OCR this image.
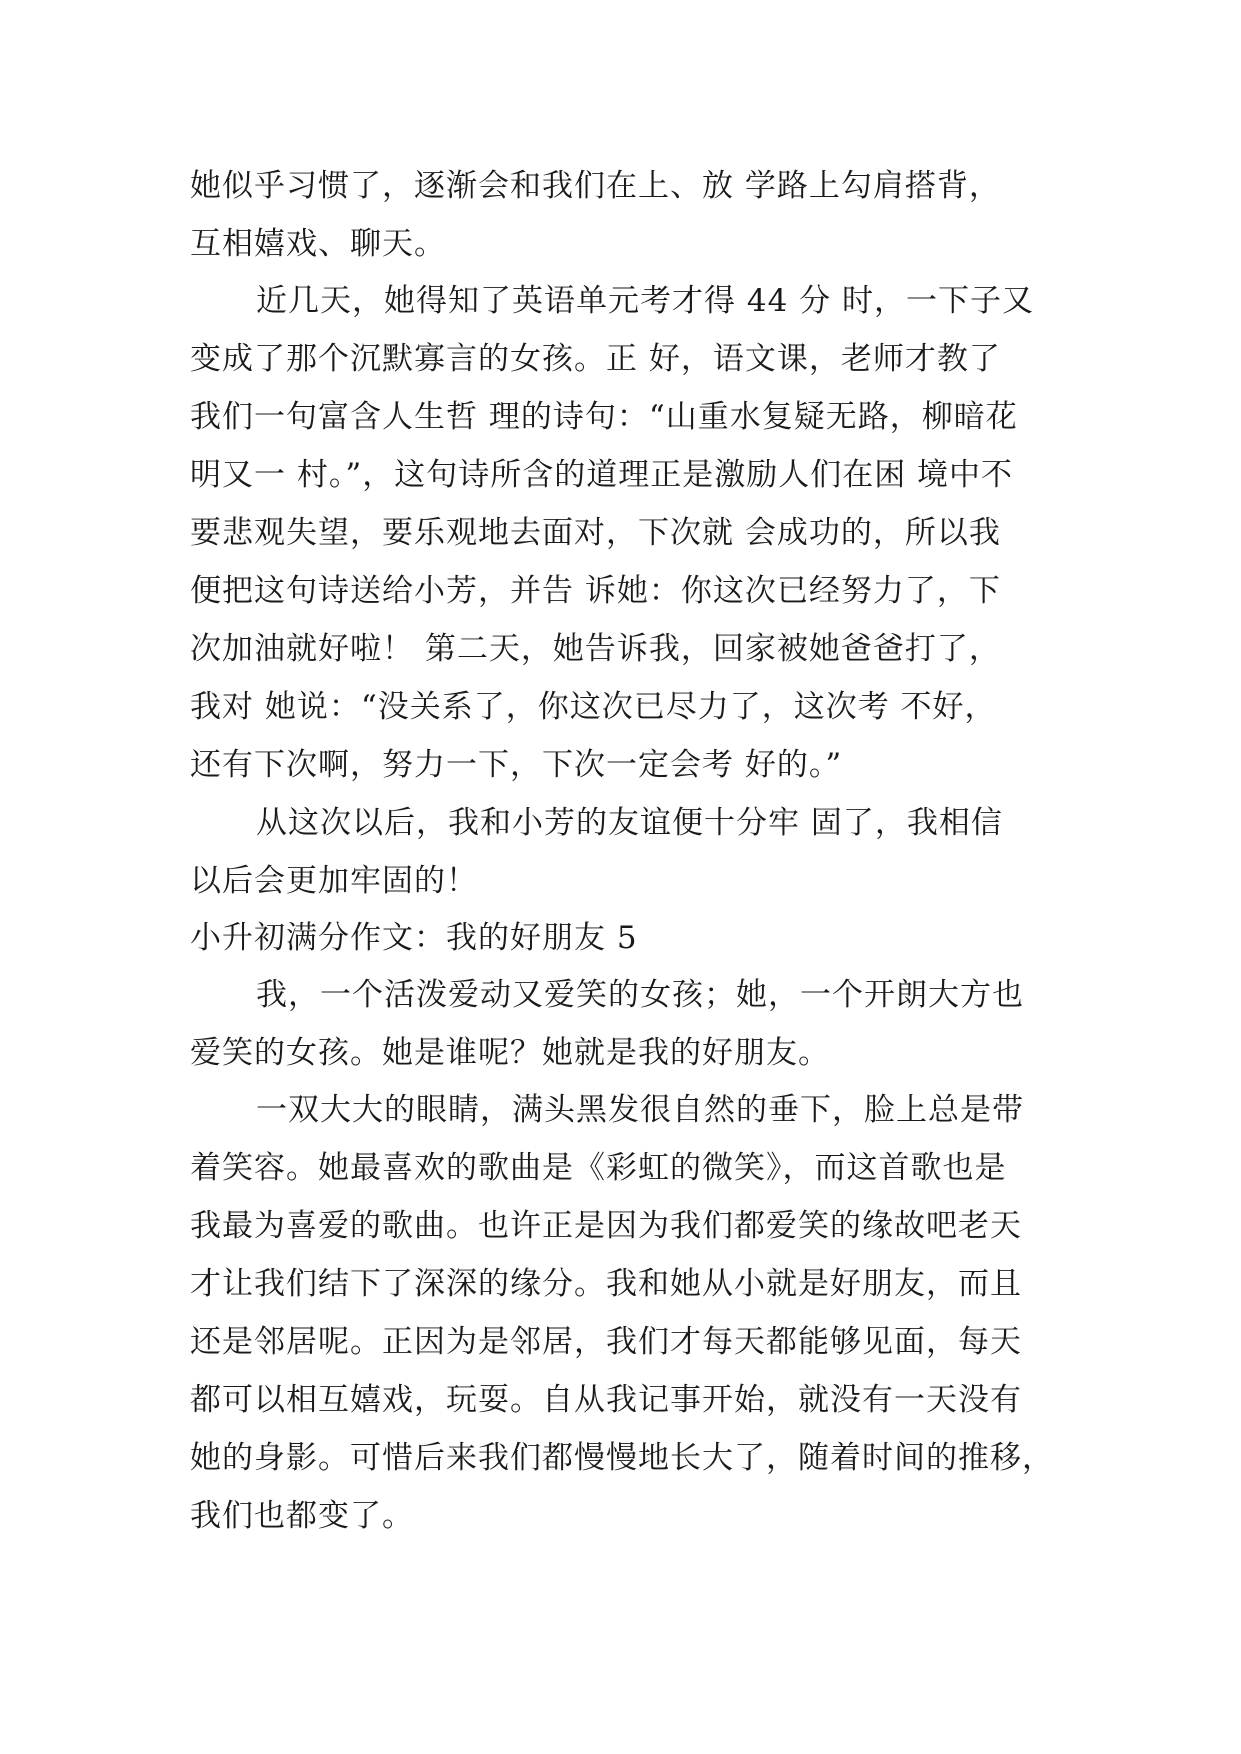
她似乎习惯了，逐渐会和我们在上、放 学路上勾肩搭背，
互相嬉戏、聊天。
近几天，她得知了英语单元考才得 44 分 时，一下子又
变成了那个沉默寡言的女孩。正 好，语文课，老师才教了
我们一句富含人生哲 理的诗句：“山重水复疑无路，柳暗花
明又一 村。”，这句诗所含的道理正是激励人们在困 境中不
要悲观失望，要乐观地去面对，下次就 会成功的，所以我
便把这句诗送给小芳，并告 诉她：你这次已经努力了，下
次加油就好啦！ 第二天，她告诉我，回家被她爸爸打了，
我对 她说：“没关系了，你这次已尽力了，这次考 不好，
还有下次啊，努力一下，下次一定会考 好的。”
从这次以后，我和小芳的友谊便十分牢 固了，我相信
以后会更加牢固的！
小升初满分作文：我的好朋友 5
我，一个活泼爱动又爱笑的女孩；她，一个开朗大方也
爱笑的女孩。她是谁呢？她就是我的好朋友。
一双大大的眼睛，满头黑发很自然的垂下，脸上总是带
着笑容。她最喜欢的歌曲是《彩虹的微笑》，而这首歌也是
我最为喜爱的歌曲。也许正是因为我们都爱笑的缘故吧老天
才让我们结下了深深的缘分。我和她从小就是好朋友，而且
还是邻居呢。正因为是邻居，我们才每天都能够见面，每天
都可以相互嬉戏，玩耍。自从我记事开始，就没有一天没有
她的身影。可惜后来我们都慢慢地长大了，随着时间的推移，
我们也都变了。
